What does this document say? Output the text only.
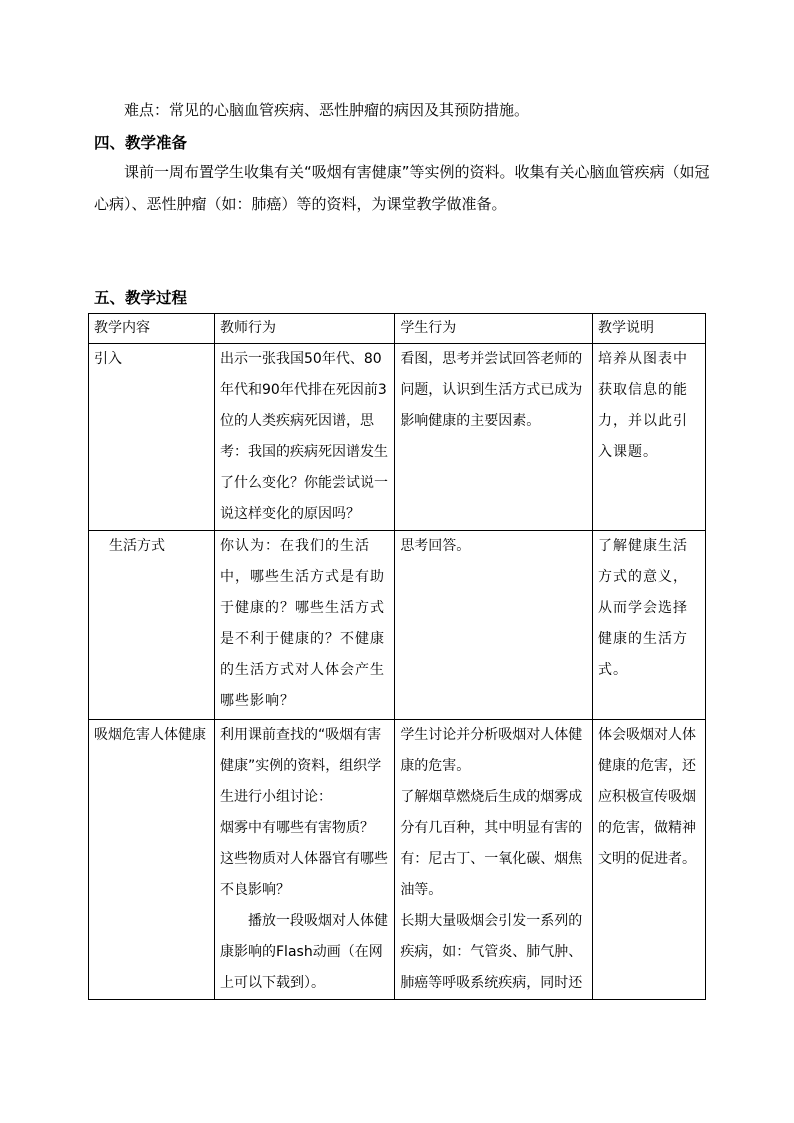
难点：常见的心脑血管疾病、恶性肿瘤的病因及其预防措施。

四、教学准备

课前一周布置学生收集有关“吸烟有害健康”等实例的资料。收集有关心脑血管疾病（如冠心病）、恶性肿瘤（如：肺癌）等的资料，为课堂教学做准备。

五、教学过程

教学内容	教师行为	学生行为	教学说明
引入	出示一张我国50年代、80年代和90年代排在死因前3位的人类疾病死因谱，思考：我国的疾病死因谱发生了什么变化？你能尝试说一说这样变化的原因吗？	看图，思考并尝试回答老师的问题，认识到生活方式已成为影响健康的主要因素。	培养从图表中获取信息的能力，并以此引入课题。
生活方式	你认为：在我们的生活中，哪些生活方式是有助于健康的？哪些生活方式是不利于健康的？不健康的生活方式对人体会产生哪些影响？	思考回答。	了解健康生活方式的意义，从而学会选择健康的生活方式。
吸烟危害人体健康	利用课前查找的“吸烟有害健康”实例的资料，组织学生进行小组讨论：
烟雾中有哪些有害物质？
这些物质对人体器官有哪些不良影响？
播放一段吸烟对人体健康影响的Flash动画（在网上可以下载到）。	学生讨论并分析吸烟对人体健康的危害。
了解烟草燃烧后生成的烟雾成分有几百种，其中明显有害的有：尼古丁、一氧化碳、烟焦油等。
长期大量吸烟会引发一系列的疾病，如：气管炎、肺气肿、肺癌等呼吸系统疾病，同时还	体会吸烟对人体健康的危害，还应积极宣传吸烟的危害，做精神文明的促进者。
